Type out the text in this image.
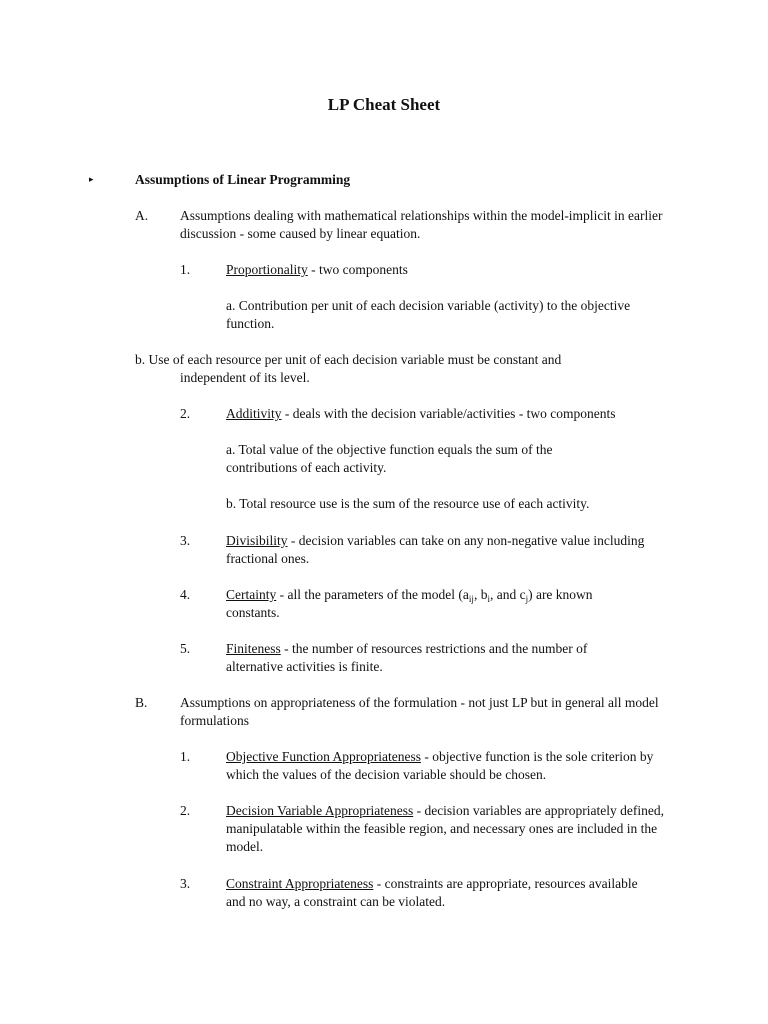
LP Cheat Sheet
▸	Assumptions of Linear Programming
A. Assumptions dealing with mathematical relationships within the model-implicit in earlier discussion - some caused by linear equation.
1.	Proportionality - two components
a. Contribution per unit of each decision variable (activity) to the objective function.
b. Use of each resource per unit of each decision variable must be constant and independent of its level.
2.	Additivity - deals with the decision variable/activities - two components
a. Total value of the objective function equals the sum of the contributions of each activity.
b. Total resource use is the sum of the resource use of each activity.
3.	Divisibility - decision variables can take on any non-negative value including fractional ones.
4.	Certainty - all the parameters of the model ($a_{ij}$, $b_i$, and $c_j$) are known constants.
5.	Finiteness - the number of resources restrictions and the number of alternative activities is finite.
B. Assumptions on appropriateness of the formulation - not just LP but in general all model formulations
1.	Objective Function Appropriateness - objective function is the sole criterion by which the values of the decision variable should be chosen.
2.	Decision Variable Appropriateness - decision variables are appropriately defined, manipulatable within the feasible region, and necessary ones are included in the model.
3.	Constraint Appropriateness - constraints are appropriate, resources available and no way, a constraint can be violated.
